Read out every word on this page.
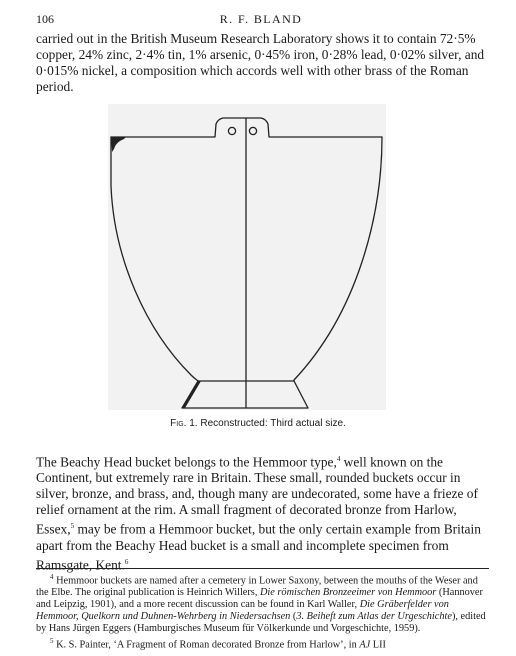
106	R. F. BLAND

carried out in the British Museum Research Laboratory shows it to contain 72·5% copper, 24% zinc, 2·4% tin, 1% arsenic, 0·45% iron, 0·28% lead, 0·02% silver, and 0·015% nickel, a composition which accords well with other brass of the Roman period.

Fig. 1. Reconstructed: Third actual size.

The Beachy Head bucket belongs to the Hemmoor type,$^4$ well known on the Continent, but extremely rare in Britain. These small, rounded buckets occur in silver, bronze, and brass, and, though many are undecorated, some have a frieze of relief ornament at the rim. A small fragment of decorated bronze from Harlow, Essex,$^5$ may be from a Hemmoor bucket, but the only certain example from Britain apart from the Beachy Head bucket is a small and incomplete specimen from Ramsgate, Kent.$^6$

$^4$ Hemmoor buckets are named after a cemetery in Lower Saxony, between the mouths of the Weser and the Elbe. The original publication is Heinrich Willers, Die römischen Bronzeeimer von Hemmoor (Hannover and Leipzig, 1901), and a more recent discussion can be found in Karl Waller, Die Gräberfelder von Hemmoor, Quelkorn und Duhnen-Wehrberg in Niedersachsen (3. Beiheft zum Atlas der Urgeschichte), edited by Hans Jürgen Eggers (Hamburgisches Museum für Völkerkunde und Vorgeschichte, 1959).

$^5$ K. S. Painter, ‘A Fragment of Roman decorated Bronze from Harlow’, in AJ LII
